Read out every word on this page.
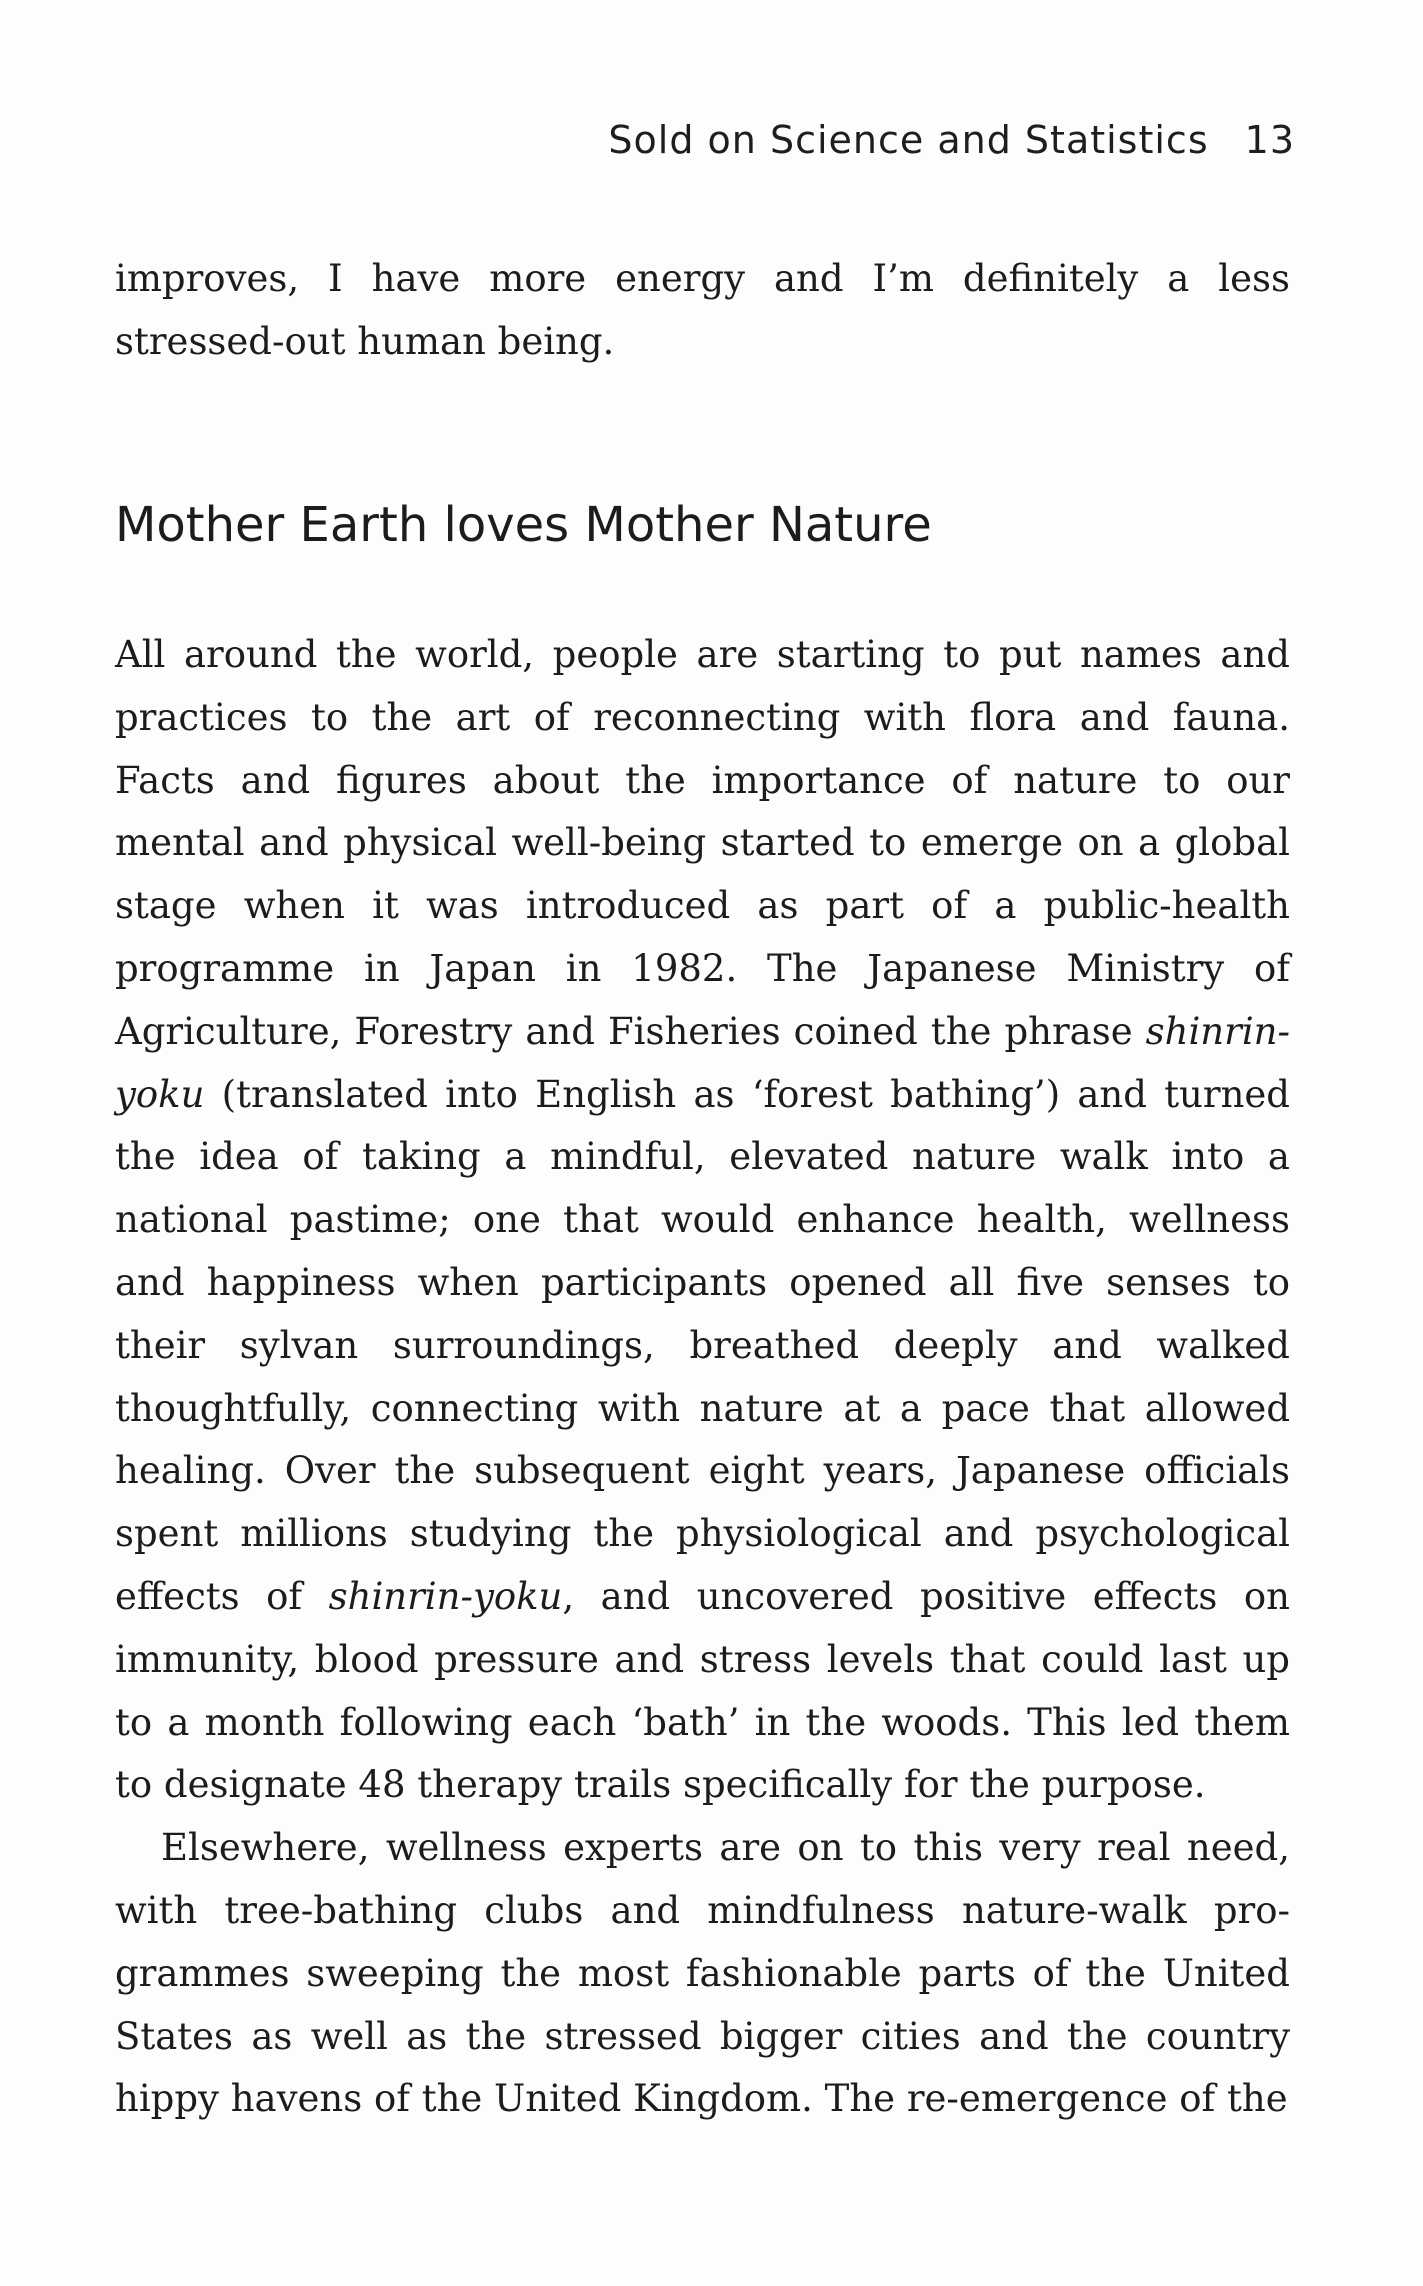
Sold on Science and Statistics 13

improves, I have more energy and I’m definitely a less stressed-out human being.

Mother Earth loves Mother Nature

All around the world, people are starting to put names and practices to the art of reconnecting with flora and fauna. Facts and figures about the importance of nature to our mental and physical well-being started to emerge on a global stage when it was introduced as part of a public-health programme in Japan in 1982. The Japanese Ministry of Agriculture, Forestry and Fisheries coined the phrase shinrin-yoku (translated into English as ‘forest bathing’) and turned the idea of taking a mindful, elevated nature walk into a national pastime; one that would enhance health, wellness and happiness when participants opened all five senses to their sylvan surroundings, breathed deeply and walked thoughtfully, connecting with nature at a pace that allowed healing. Over the subsequent eight years, Japanese officials spent millions studying the physiological and psychological effects of shinrin-yoku, and uncovered positive effects on immunity, blood pressure and stress levels that could last up to a month following each ‘bath’ in the woods. This led them to designate 48 therapy trails specifically for the purpose.

Elsewhere, wellness experts are on to this very real need, with tree-bathing clubs and mindfulness nature-walk programmes sweeping the most fashionable parts of the United States as well as the stressed bigger cities and the country hippy havens of the United Kingdom. The re-emergence of the
